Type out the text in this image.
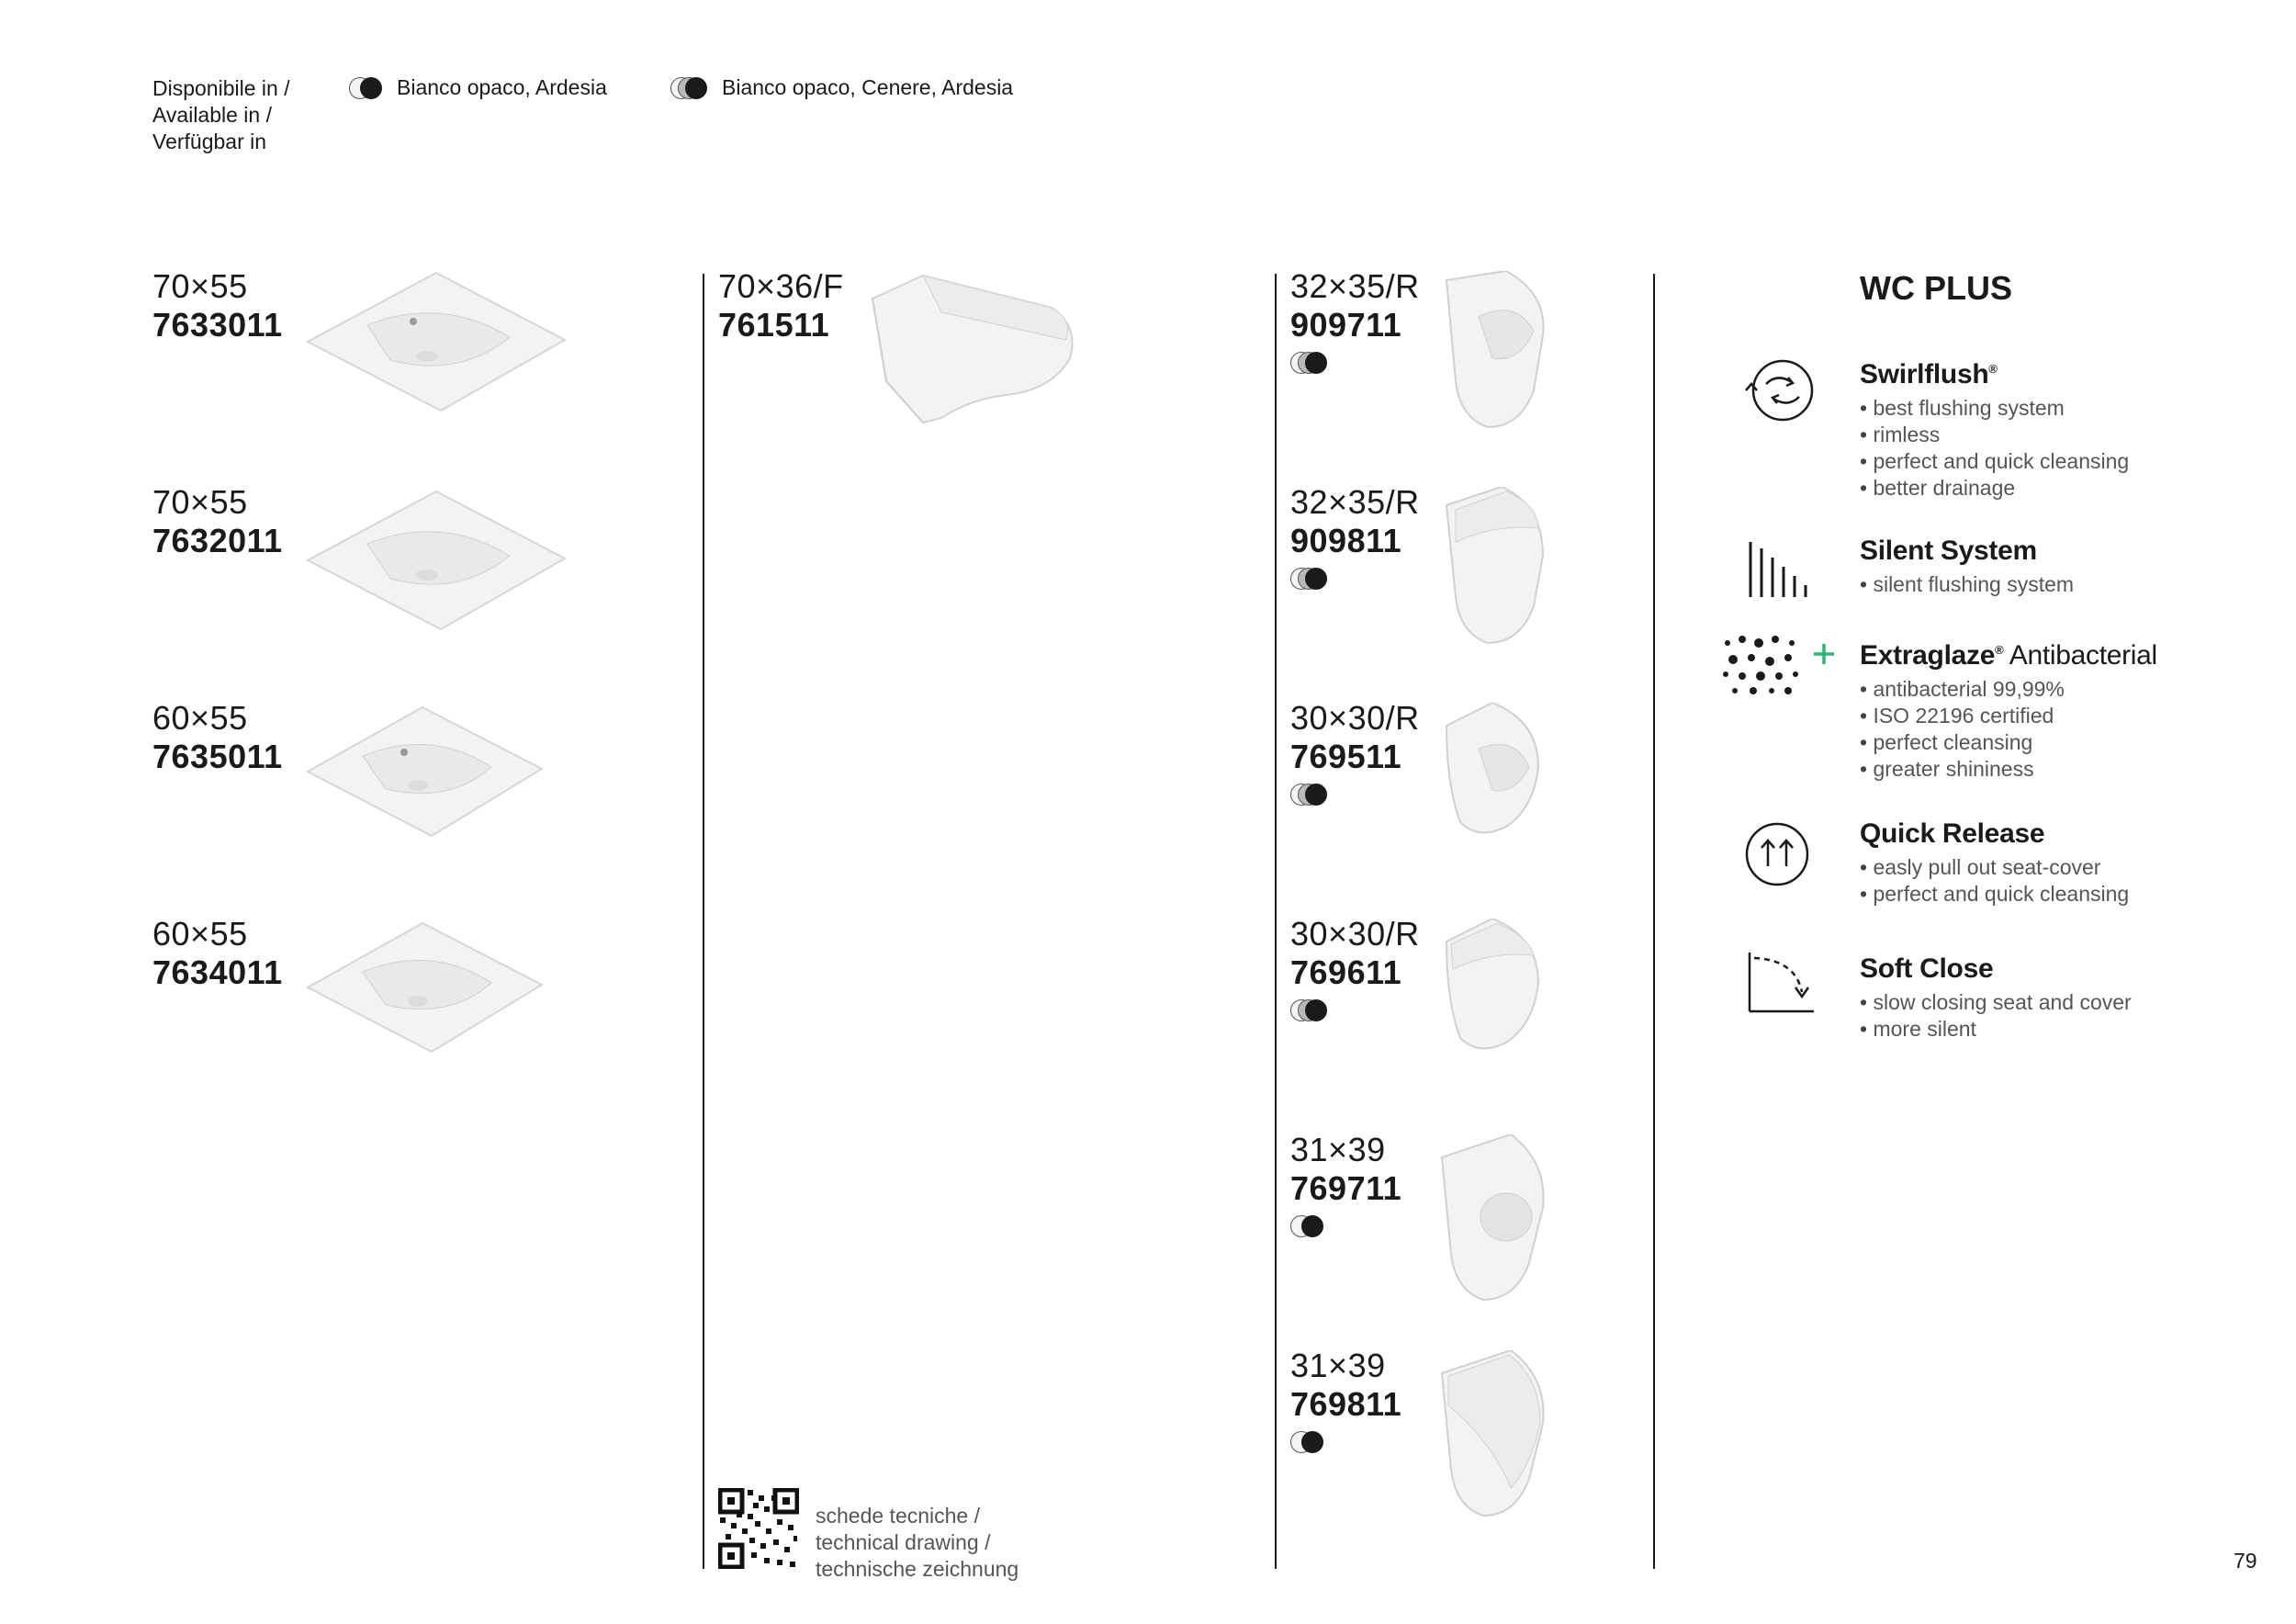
Disponibile in /
Available in /
Verfügbar in
Bianco opaco, Ardesia	Bianco opaco, Cenere, Ardesia
70×55
7633011
70×55
7632011
60×55
7635011
60×55
7634011
70×36/F
761511
schede tecniche /
technical drawing /
technische zeichnung
32×35/R
909711
32×35/R
909811
30×30/R
769511
30×30/R
769611
31×39
769711
31×39
769811
WC PLUS
Swirlflush®
• best flushing system
• rimless
• perfect and quick cleansing
• better drainage
Silent System
• silent flushing system
Extraglaze® Antibacterial
• antibacterial 99,99%
• ISO 22196 certified
• perfect cleansing
• greater shininess
Quick Release
• easly pull out seat-cover
• perfect and quick cleansing
Soft Close
• slow closing seat and cover
• more silent
79
